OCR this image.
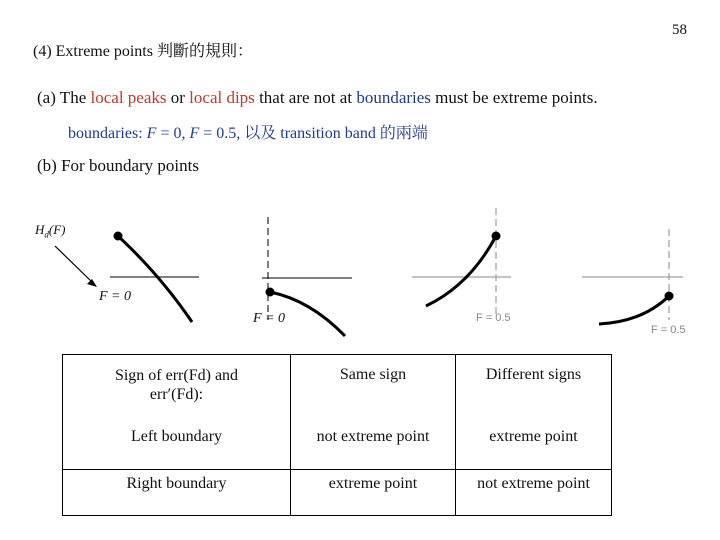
58
(4) Extreme points 判斷的規則：
(a) The local peaks or local dips that are not at boundaries must be extreme points.
boundaries: F = 0, F = 0.5, 以及 transition band 的兩端
(b) For boundary points
$H_d(F)$
F = 0
F = 0	F = 0.5
F = 0.5
Sign of err(Fd) and
err′(Fd):	Same sign	Different signs
Left boundary	not extreme point	extreme point
Right boundary	extreme point	not extreme point
